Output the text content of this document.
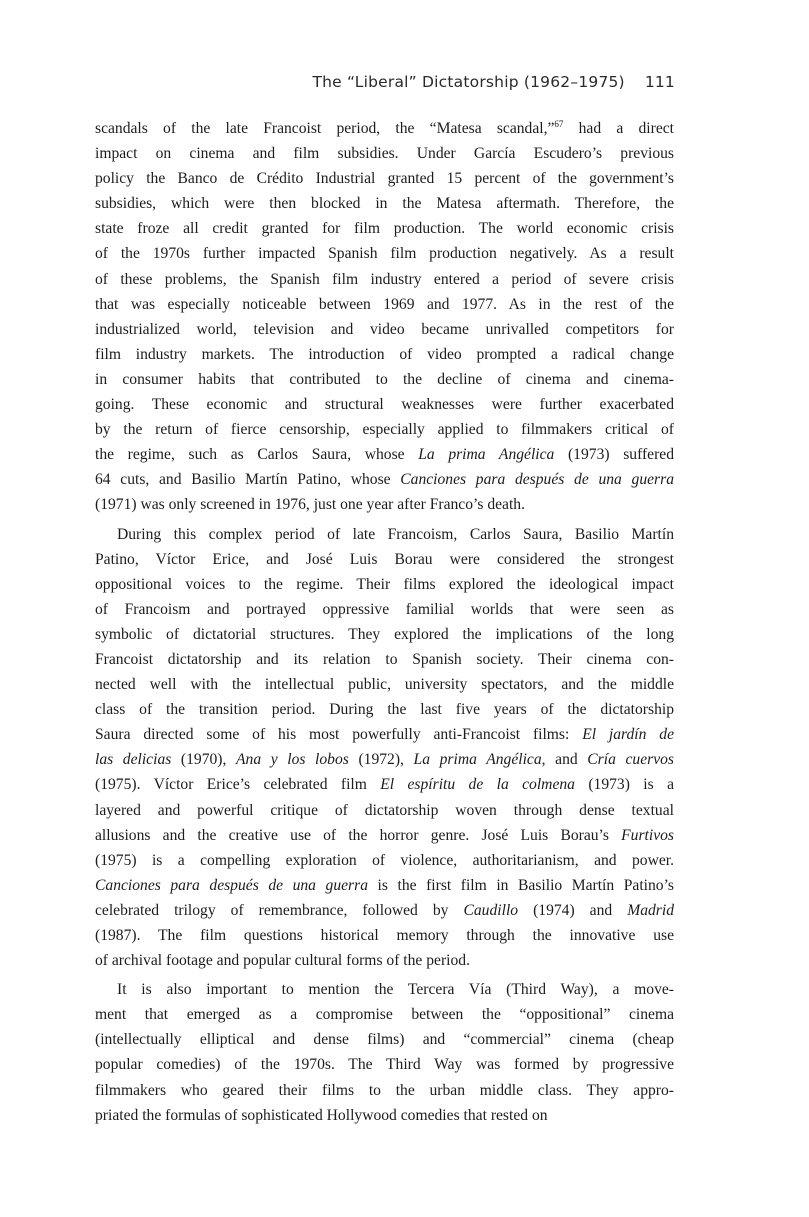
The “Liberal” Dictatorship (1962–1975) 111
scandals of the late Francoist period, the “Matesa scandal,”$^{67}$ had a direct
impact on cinema and film subsidies. Under García Escudero’s previous
policy the Banco de Crédito Industrial granted 15 percent of the government’s
subsidies, which were then blocked in the Matesa aftermath. Therefore, the
state froze all credit granted for film production. The world economic crisis
of the 1970s further impacted Spanish film production negatively. As a result
of these problems, the Spanish film industry entered a period of severe crisis
that was especially noticeable between 1969 and 1977. As in the rest of the
industrialized world, television and video became unrivalled competitors for
film industry markets. The introduction of video prompted a radical change
in consumer habits that contributed to the decline of cinema and cinema-
going. These economic and structural weaknesses were further exacerbated
by the return of fierce censorship, especially applied to filmmakers critical of
the regime, such as Carlos Saura, whose La prima Angélica (1973) suffered
64 cuts, and Basilio Martín Patino, whose Canciones para después de una guerra
(1971) was only screened in 1976, just one year after Franco’s death.
During this complex period of late Francoism, Carlos Saura, Basilio Martín
Patino, Víctor Erice, and José Luis Borau were considered the strongest
oppositional voices to the regime. Their films explored the ideological impact
of Francoism and portrayed oppressive familial worlds that were seen as
symbolic of dictatorial structures. They explored the implications of the long
Francoist dictatorship and its relation to Spanish society. Their cinema con-
nected well with the intellectual public, university spectators, and the middle
class of the transition period. During the last five years of the dictatorship
Saura directed some of his most powerfully anti-Francoist films: El jardín de
las delicias (1970), Ana y los lobos (1972), La prima Angélica, and Cría cuervos
(1975). Víctor Erice’s celebrated film El espíritu de la colmena (1973) is a
layered and powerful critique of dictatorship woven through dense textual
allusions and the creative use of the horror genre. José Luis Borau’s Furtivos
(1975) is a compelling exploration of violence, authoritarianism, and power.
Canciones para después de una guerra is the first film in Basilio Martín Patino’s
celebrated trilogy of remembrance, followed by Caudillo (1974) and Madrid
(1987). The film questions historical memory through the innovative use
of archival footage and popular cultural forms of the period.
It is also important to mention the Tercera Vía (Third Way), a move-
ment that emerged as a compromise between the “oppositional” cinema
(intellectually elliptical and dense films) and “commercial” cinema (cheap
popular comedies) of the 1970s. The Third Way was formed by progressive
filmmakers who geared their films to the urban middle class. They appro-
priated the formulas of sophisticated Hollywood comedies that rested on
